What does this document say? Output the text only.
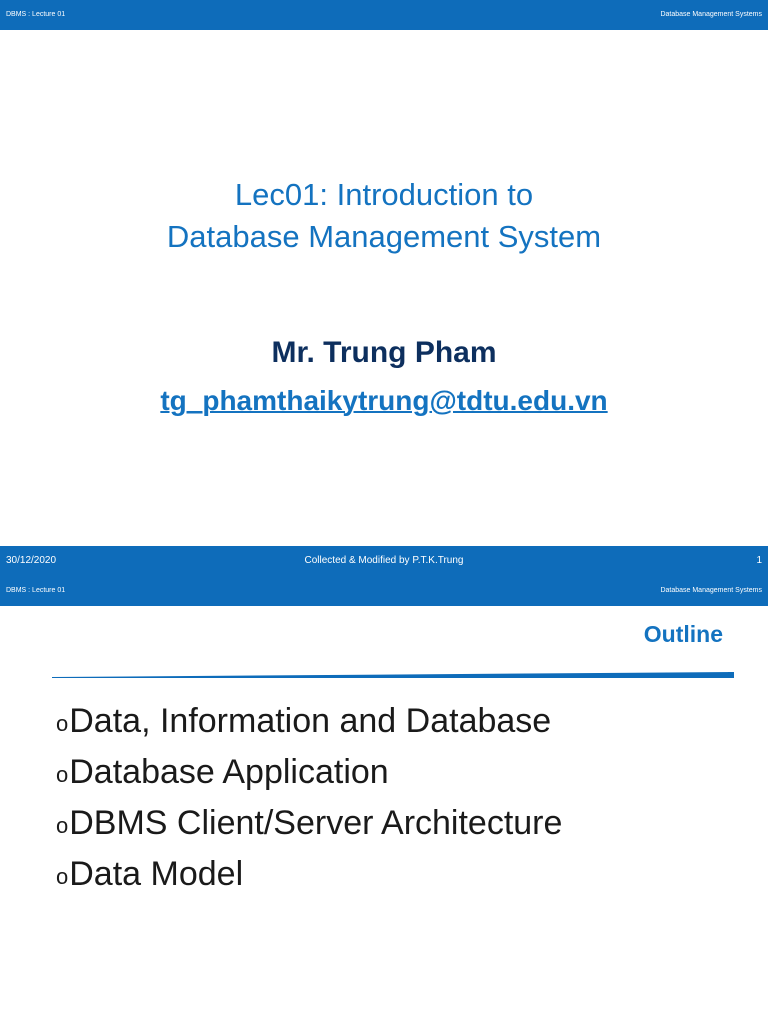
DBMS : Lecture 01	Database Management Systems
Lec01: Introduction to
Database Management System
Mr. Trung Pham
tg_phamthaikytrung@tdtu.edu.vn
30/12/2020	Collected & Modified by P.T.K.Trung	1
DBMS : Lecture 01	Database Management Systems
Outline
oData, Information and Database
oDatabase Application
oDBMS Client/Server Architecture
oData Model
